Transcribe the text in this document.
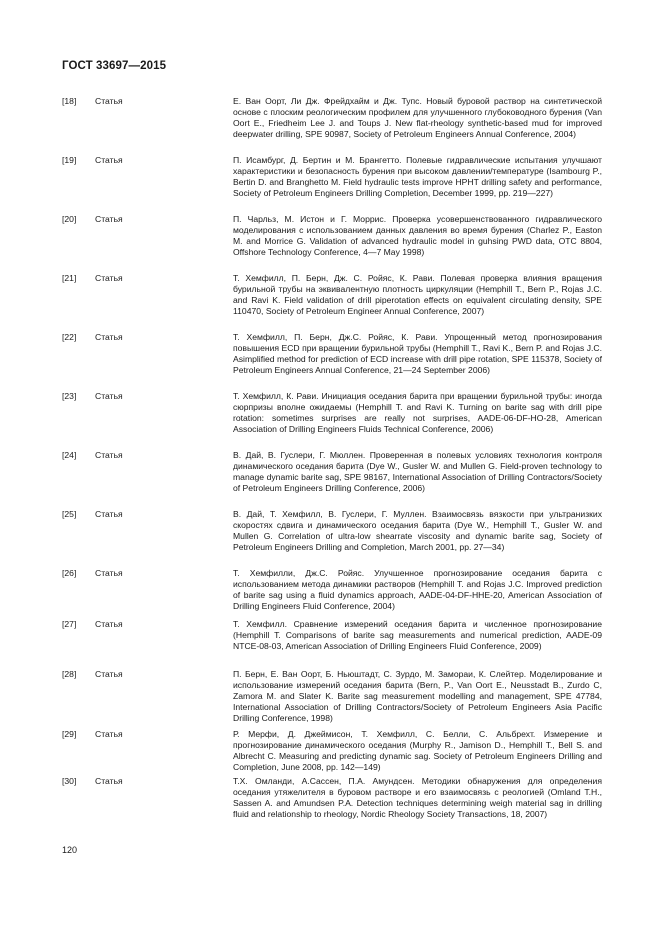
ГОСТ 33697—2015
[18] Статья	Е. Ван Оорт, Ли Дж. Фрейдхайм и Дж. Тупс. Новый буровой раствор на синтетической основе с плоским реологическим профилем для улучшенного глубоководного бурения (Van Oort E., Friedheim Lee J. and Toups J. New flat-rheology synthetic-based mud for improved deepwater drilling, SPE 90987, Society of Petroleum Engineers Annual Conference, 2004)
[19] Статья	П. Исамбург, Д. Бертин и М. Брангетто. Полевые гидравлические испытания улучшают характеристики и безопасность бурения при высоком давлении/температуре (Isambourg P., Bertin D. and Branghetto M. Field hydraulic tests improve HPHT drilling safety and performance, Society of Petroleum Engineers Drilling Completion, December 1999, pp. 219—227)
[20] Статья	П. Чарльз, М. Истон и Г. Моррис. Проверка усовершенствованного гидравлического моделирования с использованием данных давления во время бурения (Charlez P., Easton M. and Morrice G. Validation of advanced hydraulic model in guhsing PWD data, OTC 8804, Offshore Technology Conference, 4—7 May 1998)
[21] Статья	Т. Хемфилл, П. Берн, Дж. С. Ройяс, К. Рави. Полевая проверка влияния вращения бурильной трубы на эквивалентную плотность циркуляции (Hemphill T., Bern P., Rojas J.C. and Ravi K. Field validation of drill piperotation effects on equivalent circulating density, SPE 110470, Society of Petroleum Engineer Annual Conference, 2007)
[22] Статья	Т. Хемфилл, П. Берн, Дж.С. Ройяс, К. Рави. Упрощенный метод прогнозирования повышения ECD при вращении бурильной трубы (Hemphill T., Ravi K., Bern P. and Rojas J.C. Asimplified method for prediction of ECD increase with drill pipe rotation, SPE 115378, Society of Petroleum Engineers Annual Conference, 21—24 September 2006)
[23] Статья	Т. Хемфилл, К. Рави. Инициация оседания барита при вращении бурильной трубы: иногда сюрпризы вполне ожидаемы (Hemphill T. and Ravi K. Turning on barite sag with drill pipe rotation: sometimes surprises are really not surprises, AADE-06-DF-HO-28, American Association of Drilling Engineers Fluids Technical Conference, 2006)
[24] Статья	В. Дай, В. Гуслери, Г. Мюллен. Проверенная в полевых условиях технология контроля динамического оседания барита (Dye W., Gusler W. and Mullen G. Field-proven technology to manage dynamic barite sag, SPE 98167, International Association of Drilling Contractors/Society of Petroleum Engineers Drilling Conference, 2006)
[25] Статья	В. Дай, Т. Хемфилл, В. Гуслери, Г. Муллен. Взаимосвязь вязкости при ультранизких скоростях сдвига и динамического оседания барита (Dye W., Hemphill T., Gusler W. and Mullen G. Correlation of ultra-low shearrate viscosity and dynamic barite sag, Society of Petroleum Engineers Drilling and Completion, March 2001, pp. 27—34)
[26] Статья	Т. Хемфилли, Дж.С. Ройяс. Улучшенное прогнозирование оседания барита с использованием метода динамики растворов (Hemphill T. and Rojas J.C. Improved prediction of barite sag using a fluid dynamics approach, AADE-04-DF-HHE-20, American Association of Drilling Engineers Fluid Conference, 2004)
[27] Статья	Т. Хемфилл. Сравнение измерений оседания барита и численное прогнозирование (Hemphill T. Comparisons of barite sag measurements and numerical prediction, AADE-09 NTCE-08-03, American Association of Drilling Engineers Fluid Conference, 2009)
[28] Статья	П. Берн, Е. Ван Оорт, Б. Ньюштадт, С. Зурдо, М. Замораи, К. Слейтер. Моделирование и использование измерений оседания барита (Bern, P., Van Oort E., Neusstadt B., Zurdo C, Zamora M. and Slater K. Barite sag measurement modelling and management, SPE 47784, International Association of Drilling Contractors/Society of Petroleum Engineers Asia Pacific Drilling Conference, 1998)
[29] Статья	Р. Мерфи, Д. Джеймисон, Т. Хемфилл, С. Белли, С. Альбрехт. Измерение и прогнозирование динамического оседания (Murphy R., Jamison D., Hemphill T., Bell S. and Albrecht C. Measuring and predicting dynamic sag. Society of Petroleum Engineers Drilling and Completion, June 2008, pp. 142—149)
[30] Статья	Т.Х. Омланди, А.Сассен, П.А. Амундсен. Методики обнаружения для определения оседания утяжелителя в буровом растворе и его взаимосвязь с реологией (Omland T.H., Sassen A. and Amundsen P.A. Detection techniques determining weigh material sag in drilling fluid and relationship to rheology, Nordic Rheology Society Transactions, 18, 2007)
120
